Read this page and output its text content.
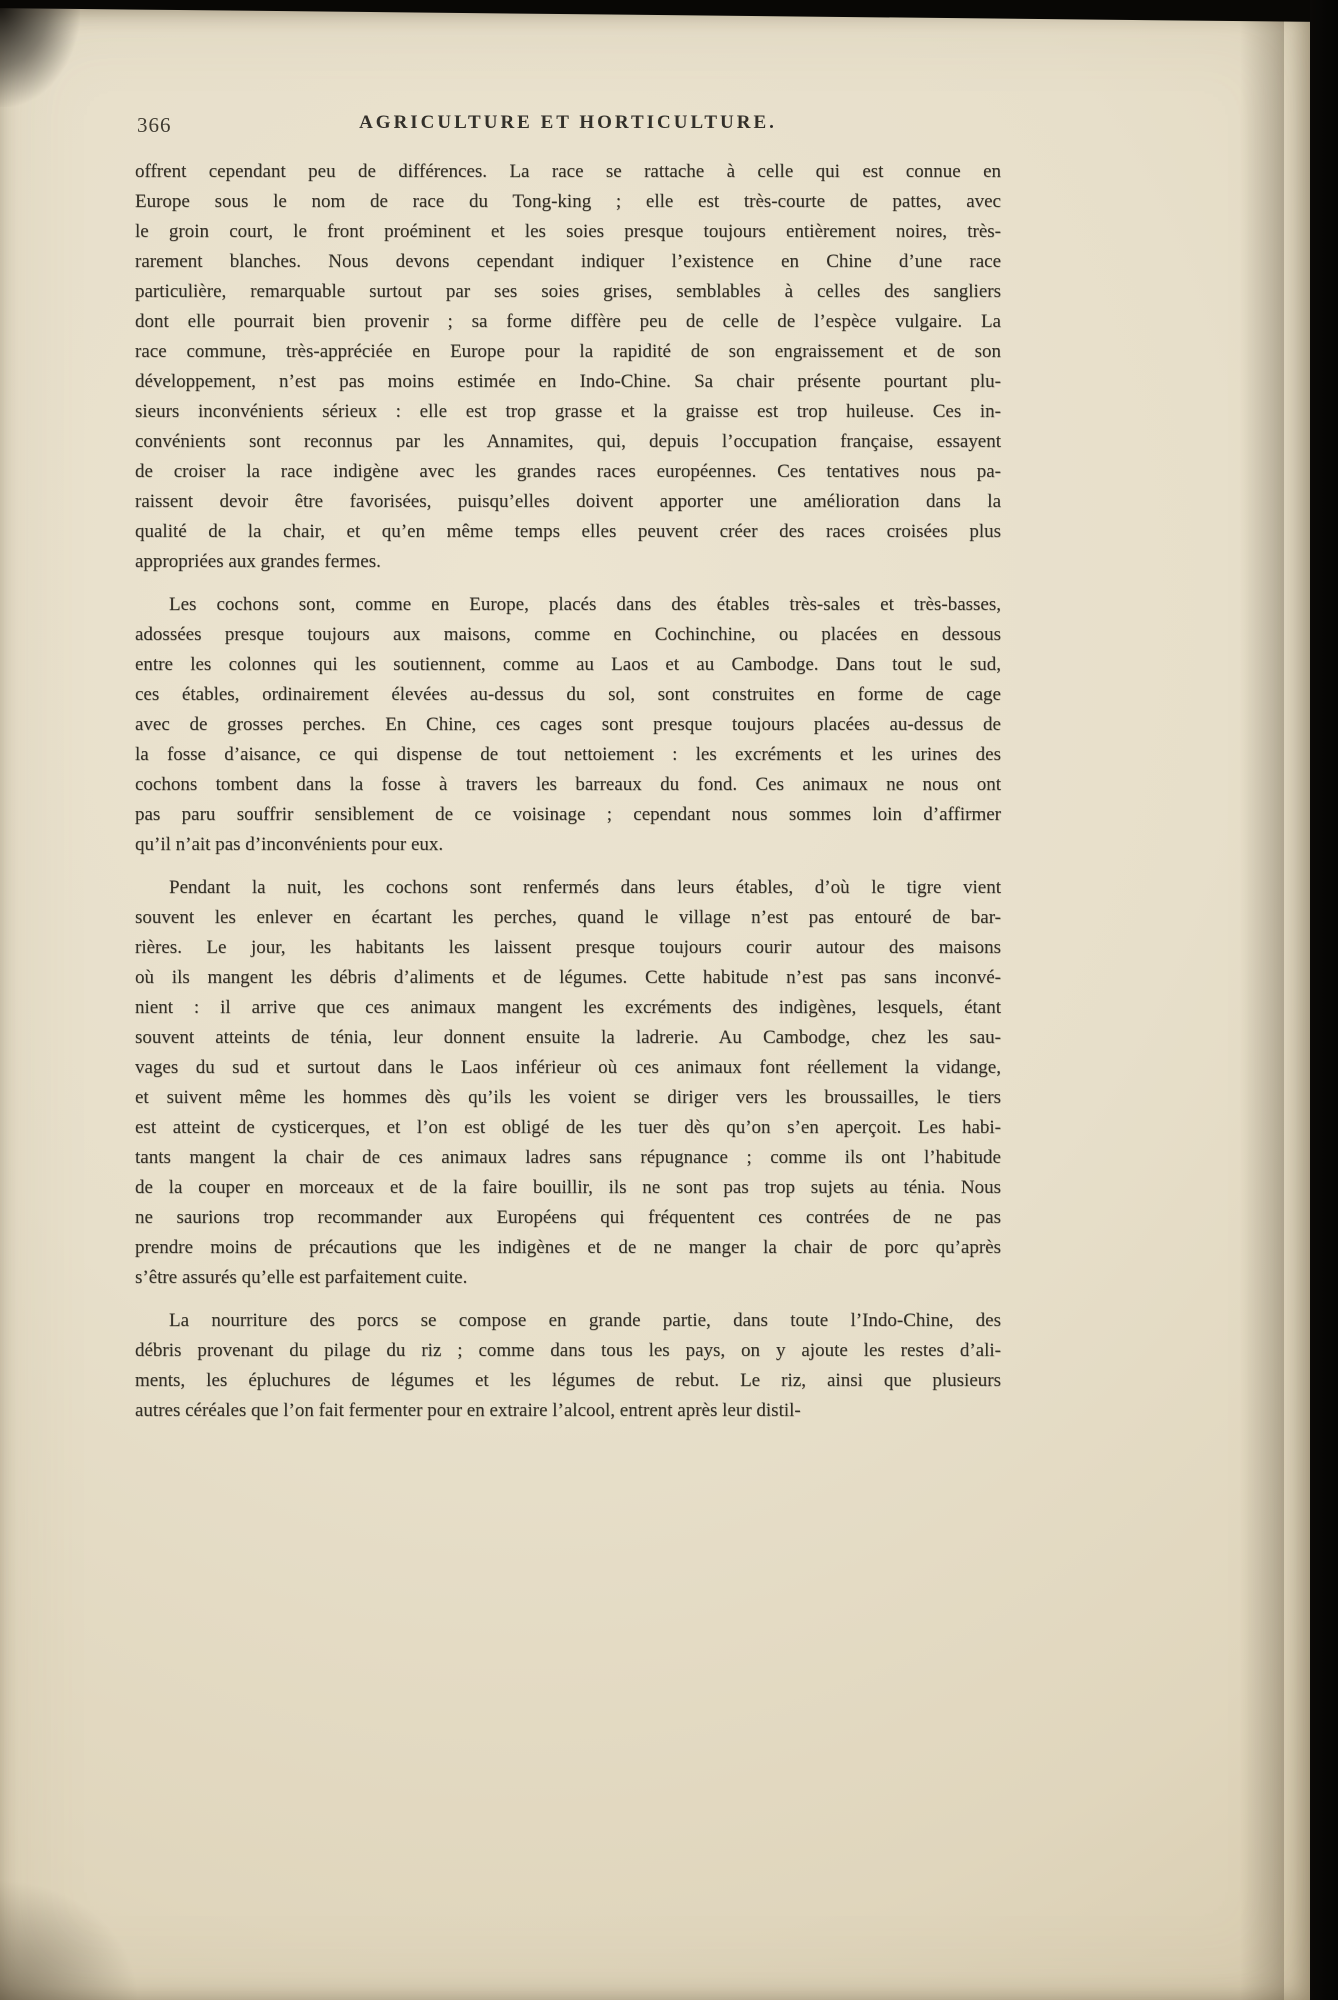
366	AGRICULTURE ET HORTICULTURE.
offrent cependant peu de différences. La race se rattache à celle qui est connue en
Europe sous le nom de race du Tong-king ; elle est très-courte de pattes, avec
le groin court, le front proéminent et les soies presque toujours entièrement noires, très-
rarement blanches. Nous devons cependant indiquer l’existence en Chine d’une race
particulière, remarquable surtout par ses soies grises, semblables à celles des sangliers
dont elle pourrait bien provenir ; sa forme diffère peu de celle de l’espèce vulgaire. La
race commune, très-appréciée en Europe pour la rapidité de son engraissement et de son
développement, n’est pas moins estimée en Indo-Chine. Sa chair présente pourtant plu-
sieurs inconvénients sérieux : elle est trop grasse et la graisse est trop huileuse. Ces in-
convénients sont reconnus par les Annamites, qui, depuis l’occupation française, essayent
de croiser la race indigène avec les grandes races européennes. Ces tentatives nous pa-
raissent devoir être favorisées, puisqu’elles doivent apporter une amélioration dans la
qualité de la chair, et qu’en même temps elles peuvent créer des races croisées plus
appropriées aux grandes fermes.
Les cochons sont, comme en Europe, placés dans des étables très-sales et très-basses,
adossées presque toujours aux maisons, comme en Cochinchine, ou placées en dessous
entre les colonnes qui les soutiennent, comme au Laos et au Cambodge. Dans tout le sud,
ces étables, ordinairement élevées au-dessus du sol, sont construites en forme de cage
avec de grosses perches. En Chine, ces cages sont presque toujours placées au-dessus de
la fosse d’aisance, ce qui dispense de tout nettoiement : les excréments et les urines des
cochons tombent dans la fosse à travers les barreaux du fond. Ces animaux ne nous ont
pas paru souffrir sensiblement de ce voisinage ; cependant nous sommes loin d’affirmer
qu’il n’ait pas d’inconvénients pour eux.
Pendant la nuit, les cochons sont renfermés dans leurs étables, d’où le tigre vient
souvent les enlever en écartant les perches, quand le village n’est pas entouré de bar-
rières. Le jour, les habitants les laissent presque toujours courir autour des maisons
où ils mangent les débris d’aliments et de légumes. Cette habitude n’est pas sans inconvé-
nient : il arrive que ces animaux mangent les excréments des indigènes, lesquels, étant
souvent atteints de ténia, leur donnent ensuite la ladrerie. Au Cambodge, chez les sau-
vages du sud et surtout dans le Laos inférieur où ces animaux font réellement la vidange,
et suivent même les hommes dès qu’ils les voient se diriger vers les broussailles, le tiers
est atteint de cysticerques, et l’on est obligé de les tuer dès qu’on s’en aperçoit. Les habi-
tants mangent la chair de ces animaux ladres sans répugnance ; comme ils ont l’habitude
de la couper en morceaux et de la faire bouillir, ils ne sont pas trop sujets au ténia. Nous
ne saurions trop recommander aux Européens qui fréquentent ces contrées de ne pas
prendre moins de précautions que les indigènes et de ne manger la chair de porc qu’après
s’être assurés qu’elle est parfaitement cuite.
La nourriture des porcs se compose en grande partie, dans toute l’Indo-Chine, des
débris provenant du pilage du riz ; comme dans tous les pays, on y ajoute les restes d’ali-
ments, les épluchures de légumes et les légumes de rebut. Le riz, ainsi que plusieurs
autres céréales que l’on fait fermenter pour en extraire l’alcool, entrent après leur distil-
